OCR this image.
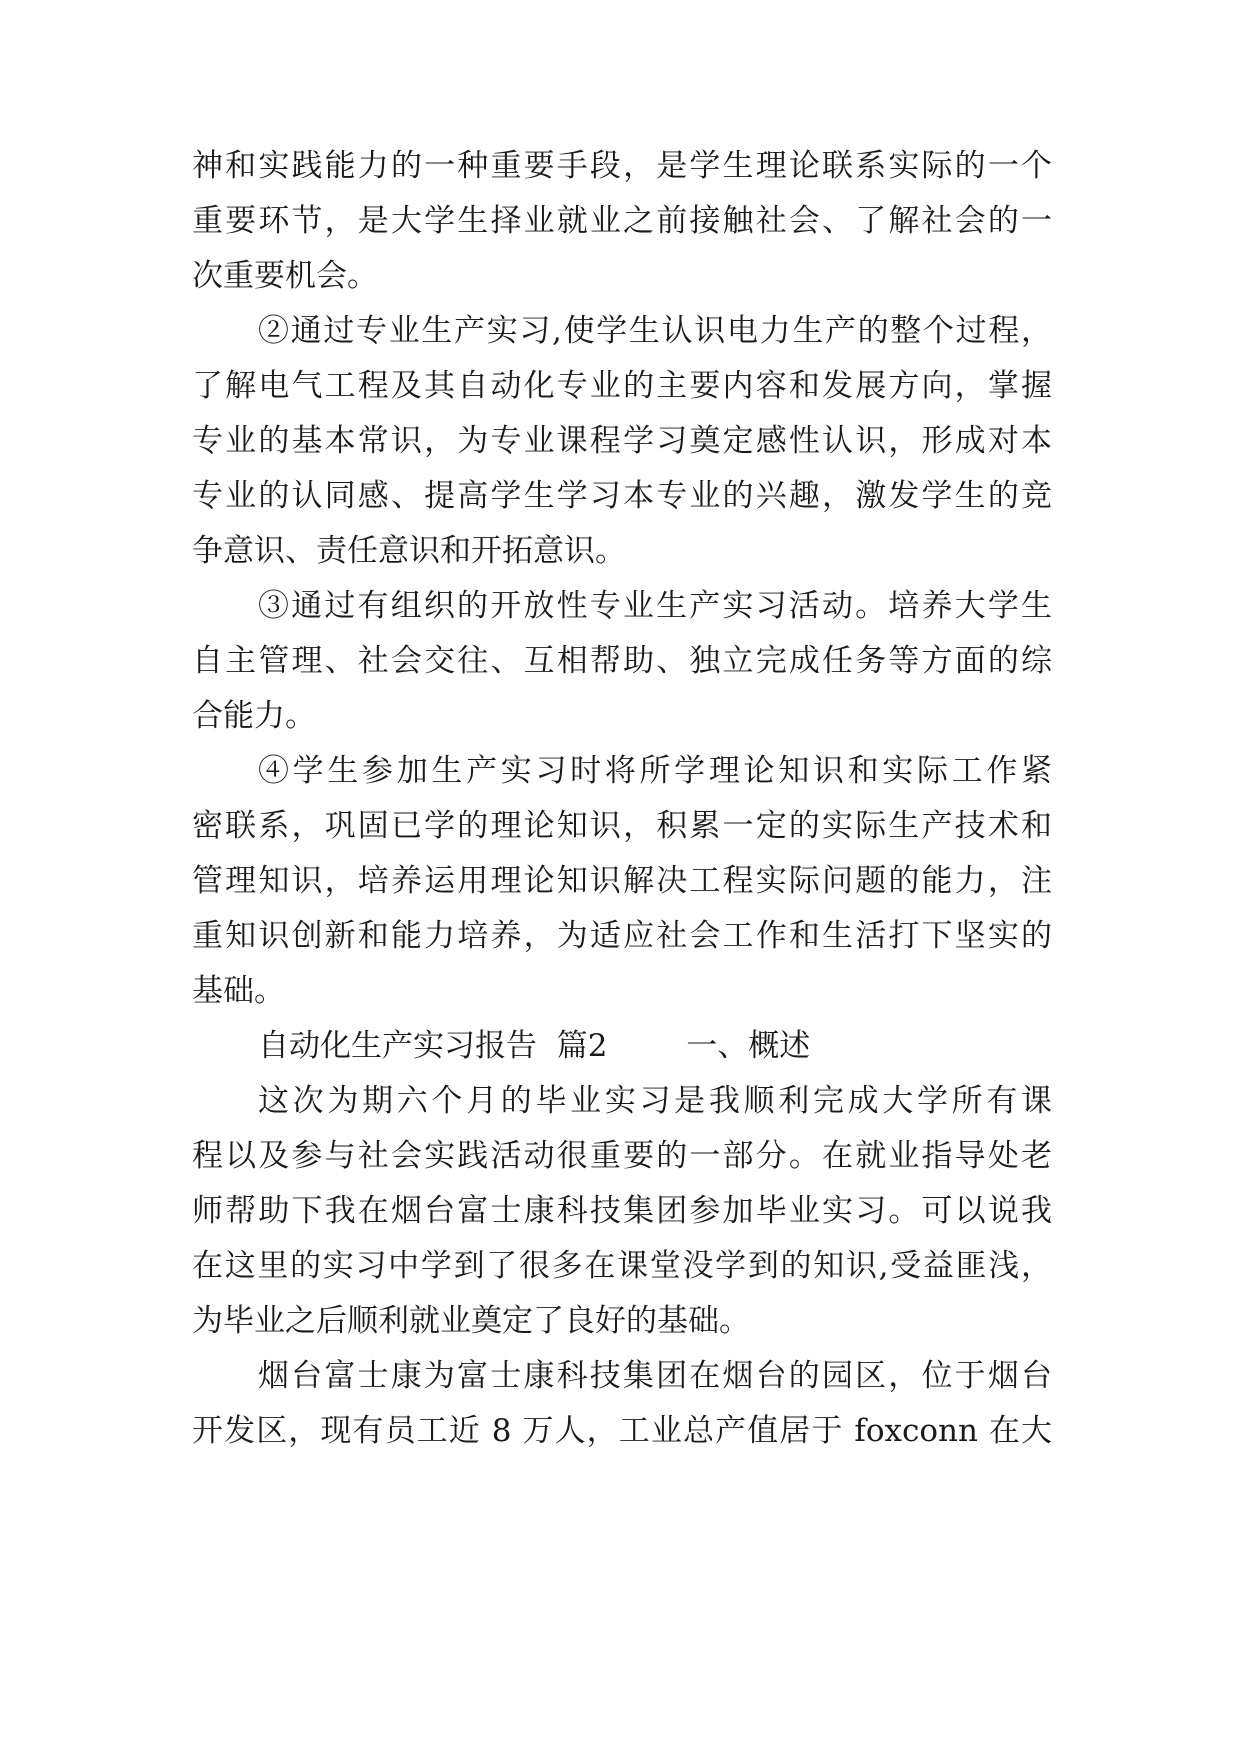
神和实践能力的一种重要手段，是学生理论联系实际的一个
重要环节，是大学生择业就业之前接触社会、了解社会的一
次重要机会。
②通过专业生产实习,使学生认识电力生产的整个过程，
了解电气工程及其自动化专业的主要内容和发展方向，掌握
专业的基本常识，为专业课程学习奠定感性认识，形成对本
专业的认同感、提高学生学习本专业的兴趣，激发学生的竞
争意识、责任意识和开拓意识。
③通过有组织的开放性专业生产实习活动。培养大学生
自主管理、社会交往、互相帮助、独立完成任务等方面的综
合能力。
④学生参加生产实习时将所学理论知识和实际工作紧
密联系，巩固已学的理论知识，积累一定的实际生产技术和
管理知识，培养运用理论知识解决工程实际问题的能力，注
重知识创新和能力培养，为适应社会工作和生活打下坚实的
基础。
自动化生产实习报告  篇2        一、概述
这次为期六个月的毕业实习是我顺利完成大学所有课
程以及参与社会实践活动很重要的一部分。在就业指导处老
师帮助下我在烟台富士康科技集团参加毕业实习。可以说我
在这里的实习中学到了很多在课堂没学到的知识,受益匪浅，
为毕业之后顺利就业奠定了良好的基础。
烟台富士康为富士康科技集团在烟台的园区，位于烟台
开发区，现有员工近 8 万人，工业总产值居于 foxconn 在大
